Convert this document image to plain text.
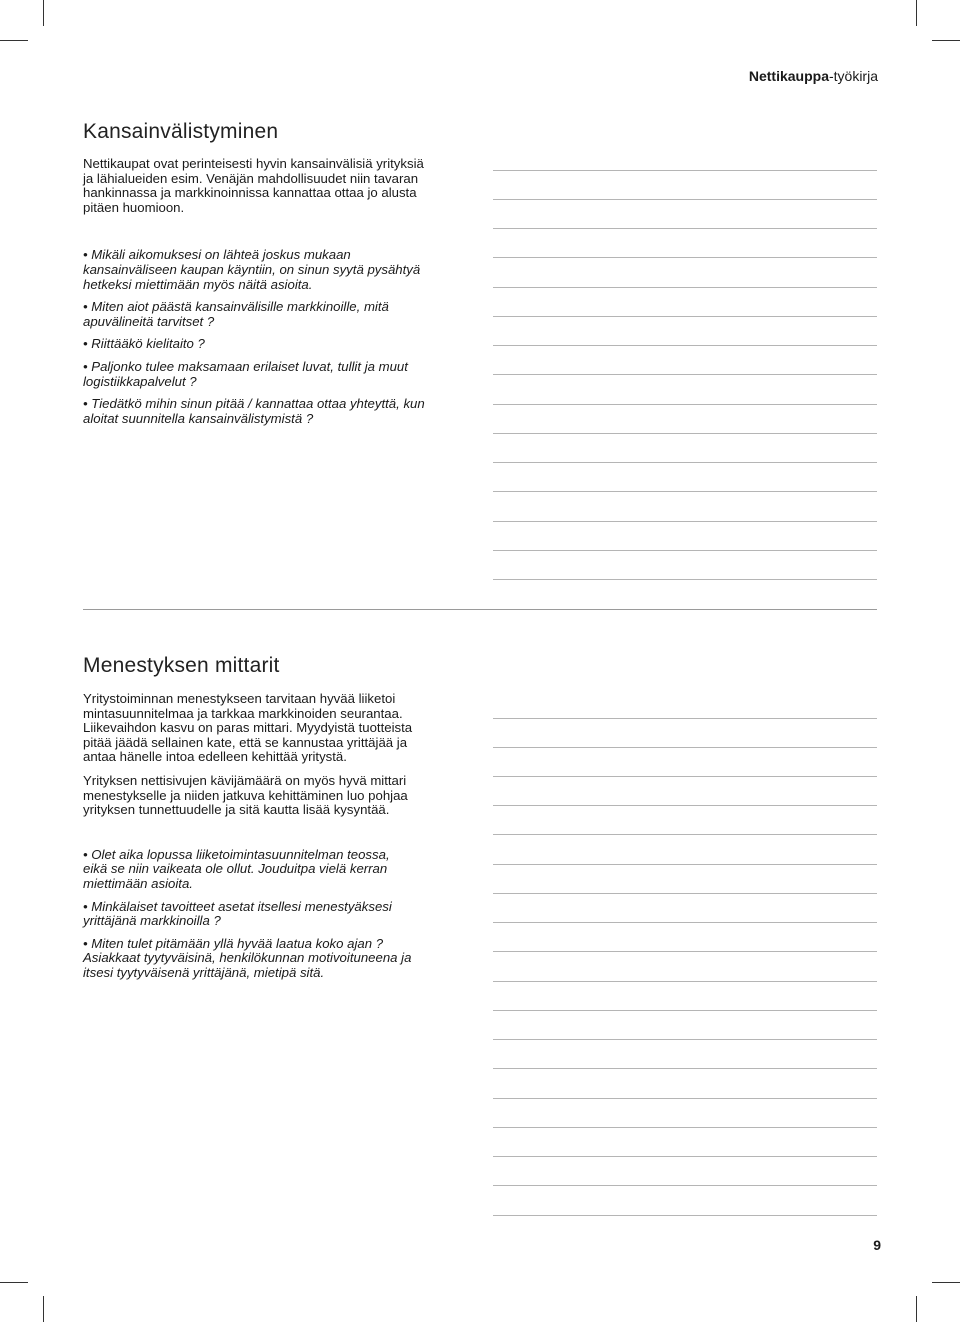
Nettikauppa-työkirja
Kansainvälistyminen

Nettikaupat ovat perinteisesti hyvin kansainvälisiä yrityksiä
ja lähialueiden esim. Venäjän mahdollisuudet niin tavaran
hankinnassa ja markkinoinnissa kannattaa ottaa jo alusta
pitäen huomioon.

• Mikäli aikomuksesi on lähteä joskus mukaan
kansainväliseen kaupan käyntiin, on sinun syytä pysähtyä
hetkeksi miettimään myös näitä asioita.
• Miten aiot päästä kansainvälisille markkinoille, mitä
apuvälineitä tarvitset ?
• Riittääkö kielitaito ?
• Paljonko tulee maksamaan erilaiset luvat, tullit ja muut
logistiikkapalvelut ?
• Tiedätkö mihin sinun pitää / kannattaa ottaa yhteyttä, kun
aloitat suunnitella kansainvälistymistä ?
Menestyksen mittarit

Yritystoiminnan menestykseen tarvitaan hyvää liiketoi
mintasuunnitelmaa ja tarkkaa markkinoiden seurantaa.
Liikevaihdon kasvu on paras mittari. Myydyistä tuotteista
pitää jäädä sellainen kate, että se kannustaa yrittäjää ja
antaa hänelle intoa edelleen kehittää yritystä.

Yrityksen nettisivujen kävijämäärä on myös hyvä mittari
menestykselle ja niiden jatkuva kehittäminen luo pohjaa
yrityksen tunnettuudelle ja sitä kautta lisää kysyntää.

• Olet aika lopussa liiketoimintasuunnitelman teossa,
eikä se niin vaikeata ole ollut. Jouduitpa vielä kerran
miettimään asioita.
• Minkälaiset tavoitteet asetat itsellesi menestyäksesi
yrittäjänä markkinoilla ?
• Miten tulet pitämään yllä hyvää laatua koko ajan ?
Asiakkaat tyytyväisinä, henkilökunnan motivoituneena ja
itsesi tyytyväisenä yrittäjänä, mietipä sitä.
9
